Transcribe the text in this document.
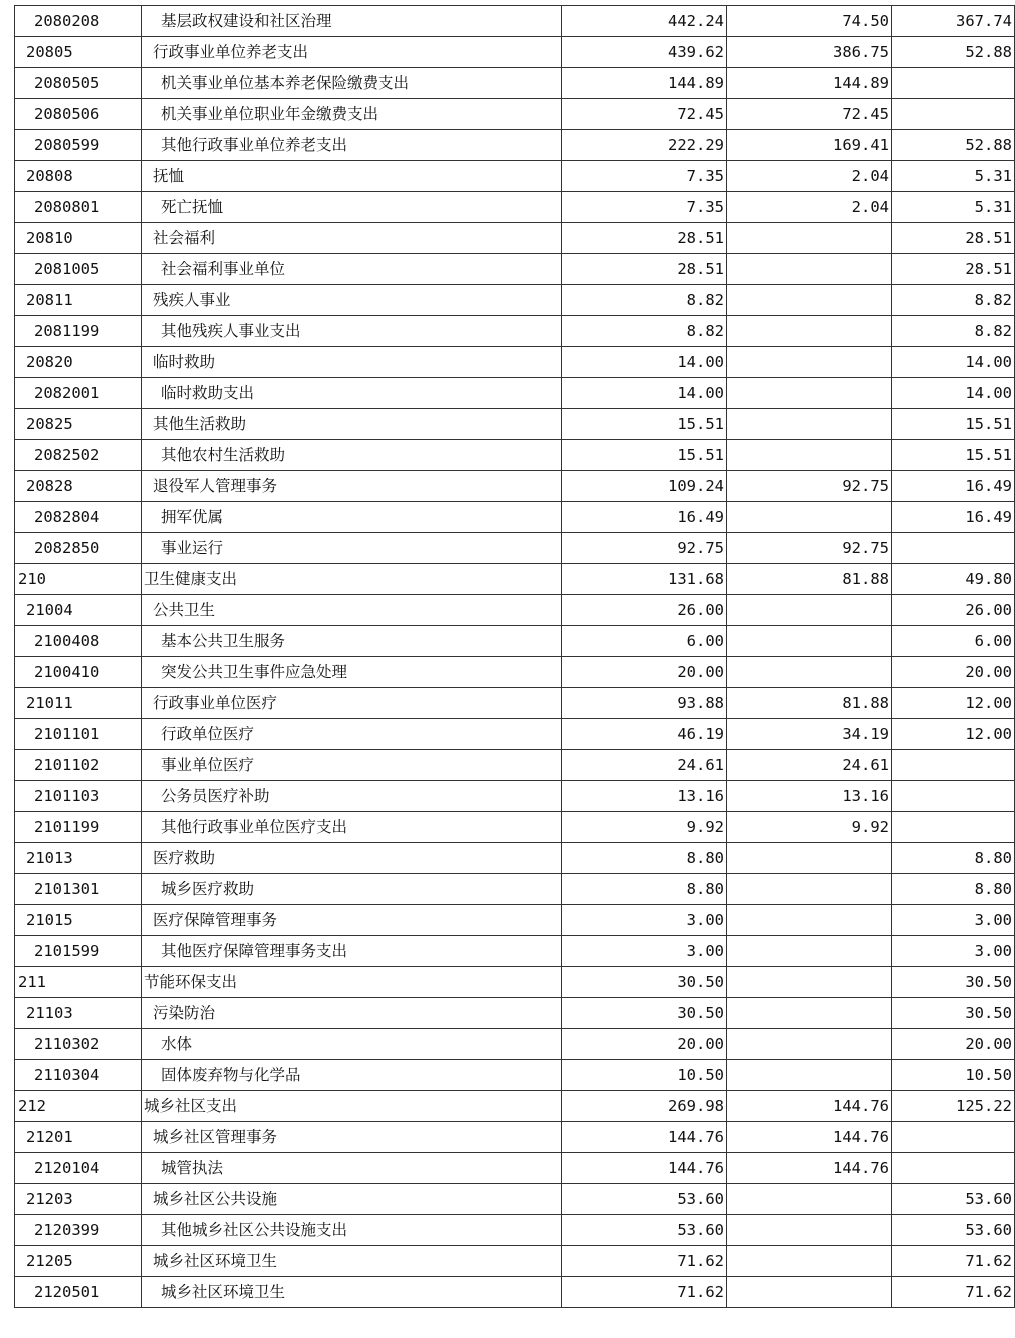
2080208	基层政权建设和社区治理	442.24	74.50	367.74
20805	行政事业单位养老支出	439.62	386.75	52.88
2080505	机关事业单位基本养老保险缴费支出	144.89	144.89	
2080506	机关事业单位职业年金缴费支出	72.45	72.45	
2080599	其他行政事业单位养老支出	222.29	169.41	52.88
20808	抚恤	7.35	2.04	5.31
2080801	死亡抚恤	7.35	2.04	5.31
20810	社会福利	28.51		28.51
2081005	社会福利事业单位	28.51		28.51
20811	残疾人事业	8.82		8.82
2081199	其他残疾人事业支出	8.82		8.82
20820	临时救助	14.00		14.00
2082001	临时救助支出	14.00		14.00
20825	其他生活救助	15.51		15.51
2082502	其他农村生活救助	15.51		15.51
20828	退役军人管理事务	109.24	92.75	16.49
2082804	拥军优属	16.49		16.49
2082850	事业运行	92.75	92.75	
210	卫生健康支出	131.68	81.88	49.80
21004	公共卫生	26.00		26.00
2100408	基本公共卫生服务	6.00		6.00
2100410	突发公共卫生事件应急处理	20.00		20.00
21011	行政事业单位医疗	93.88	81.88	12.00
2101101	行政单位医疗	46.19	34.19	12.00
2101102	事业单位医疗	24.61	24.61	
2101103	公务员医疗补助	13.16	13.16	
2101199	其他行政事业单位医疗支出	9.92	9.92	
21013	医疗救助	8.80		8.80
2101301	城乡医疗救助	8.80		8.80
21015	医疗保障管理事务	3.00		3.00
2101599	其他医疗保障管理事务支出	3.00		3.00
211	节能环保支出	30.50		30.50
21103	污染防治	30.50		30.50
2110302	水体	20.00		20.00
2110304	固体废弃物与化学品	10.50		10.50
212	城乡社区支出	269.98	144.76	125.22
21201	城乡社区管理事务	144.76	144.76	
2120104	城管执法	144.76	144.76	
21203	城乡社区公共设施	53.60		53.60
2120399	其他城乡社区公共设施支出	53.60		53.60
21205	城乡社区环境卫生	71.62		71.62
2120501	城乡社区环境卫生	71.62		71.62
